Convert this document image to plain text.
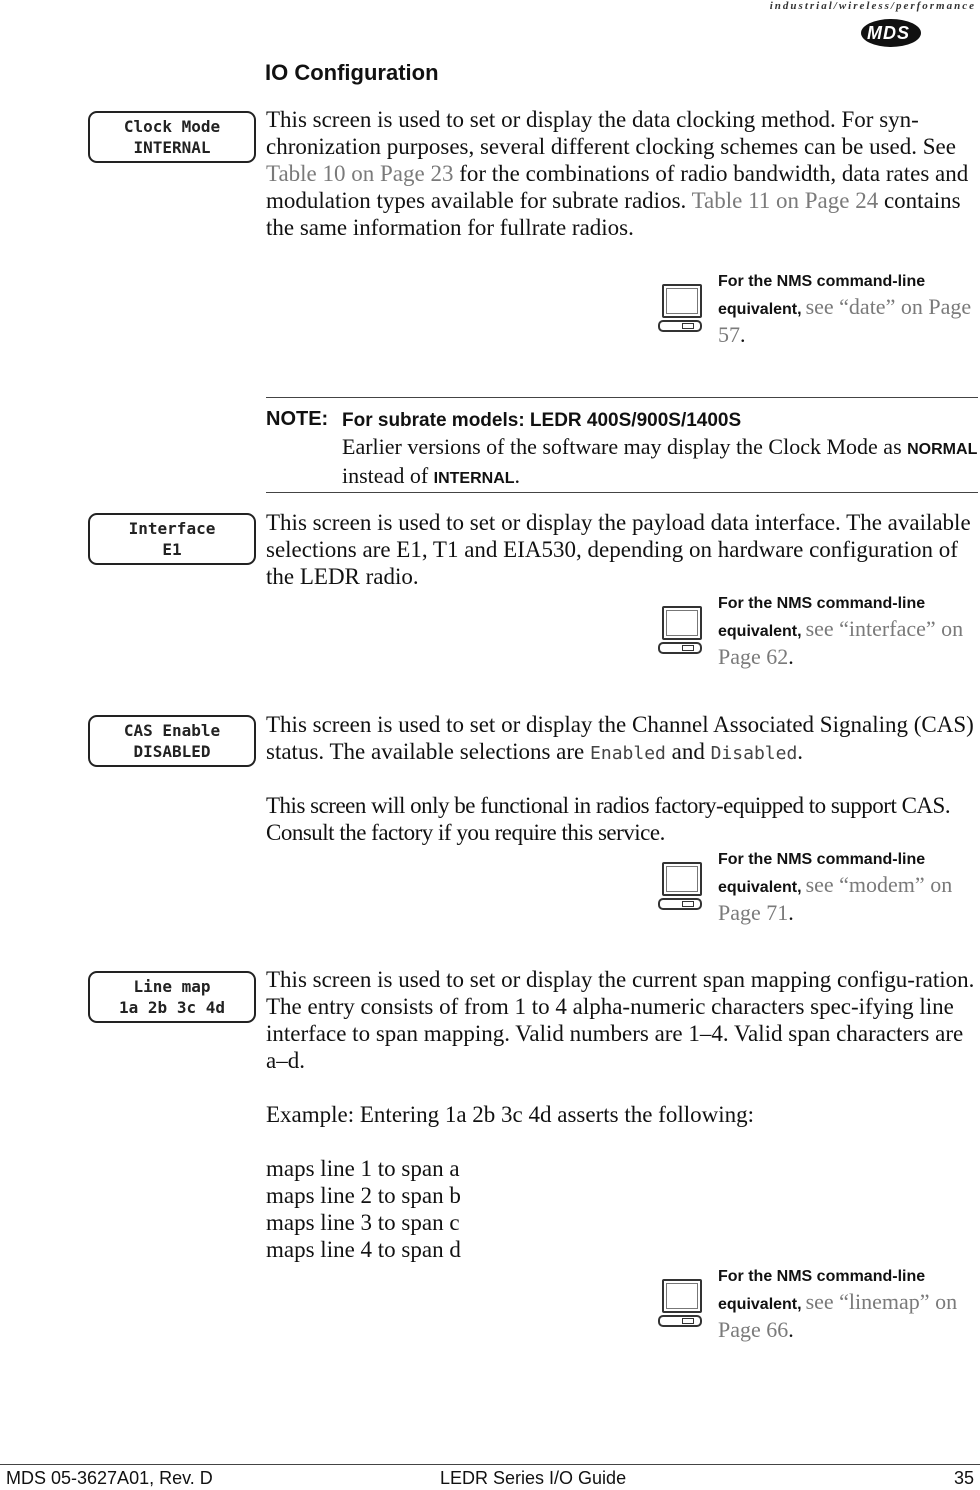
industrial/wireless/performance
MDS
IO Configuration
Clock Mode
INTERNAL

This screen is used to set or display the data clocking method. For syn-chronization purposes, several different clocking schemes can be used. See Table 10 on Page 23 for the combinations of radio bandwidth, data rates and modulation types available for subrate radios. Table 11 on Page 24 contains the same information for fullrate radios.

For the NMS command-line equivalent, see “date” on Page 57.
NOTE: For subrate models: LEDR 400S/900S/1400S
Earlier versions of the software may display the Clock Mode as NORMAL instead of INTERNAL.
Interface
E1

This screen is used to set or display the payload data interface. The available selections are E1, T1 and EIA530, depending on hardware configuration of the LEDR radio.

For the NMS command-line equivalent, see “interface” on Page 62.
CAS Enable
DISABLED

This screen is used to set or display the Channel Associated Signaling (CAS) status. The available selections are Enabled and Disabled.

This screen will only be functional in radios factory-equipped to support CAS. Consult the factory if you require this service.

For the NMS command-line equivalent, see “modem” on Page 71.
Line map
1a 2b 3c 4d

This screen is used to set or display the current span mapping configu-ration. The entry consists of from 1 to 4 alpha-numeric characters spec-ifying line interface to span mapping. Valid numbers are 1–4. Valid span characters are a–d.

Example: Entering 1a 2b 3c 4d asserts the following:

maps line 1 to span a
maps line 2 to span b
maps line 3 to span c
maps line 4 to span d
For the NMS command-line equivalent, see “linemap” on Page 66.
MDS 05-3627A01, Rev. D	LEDR Series I/O Guide	35
